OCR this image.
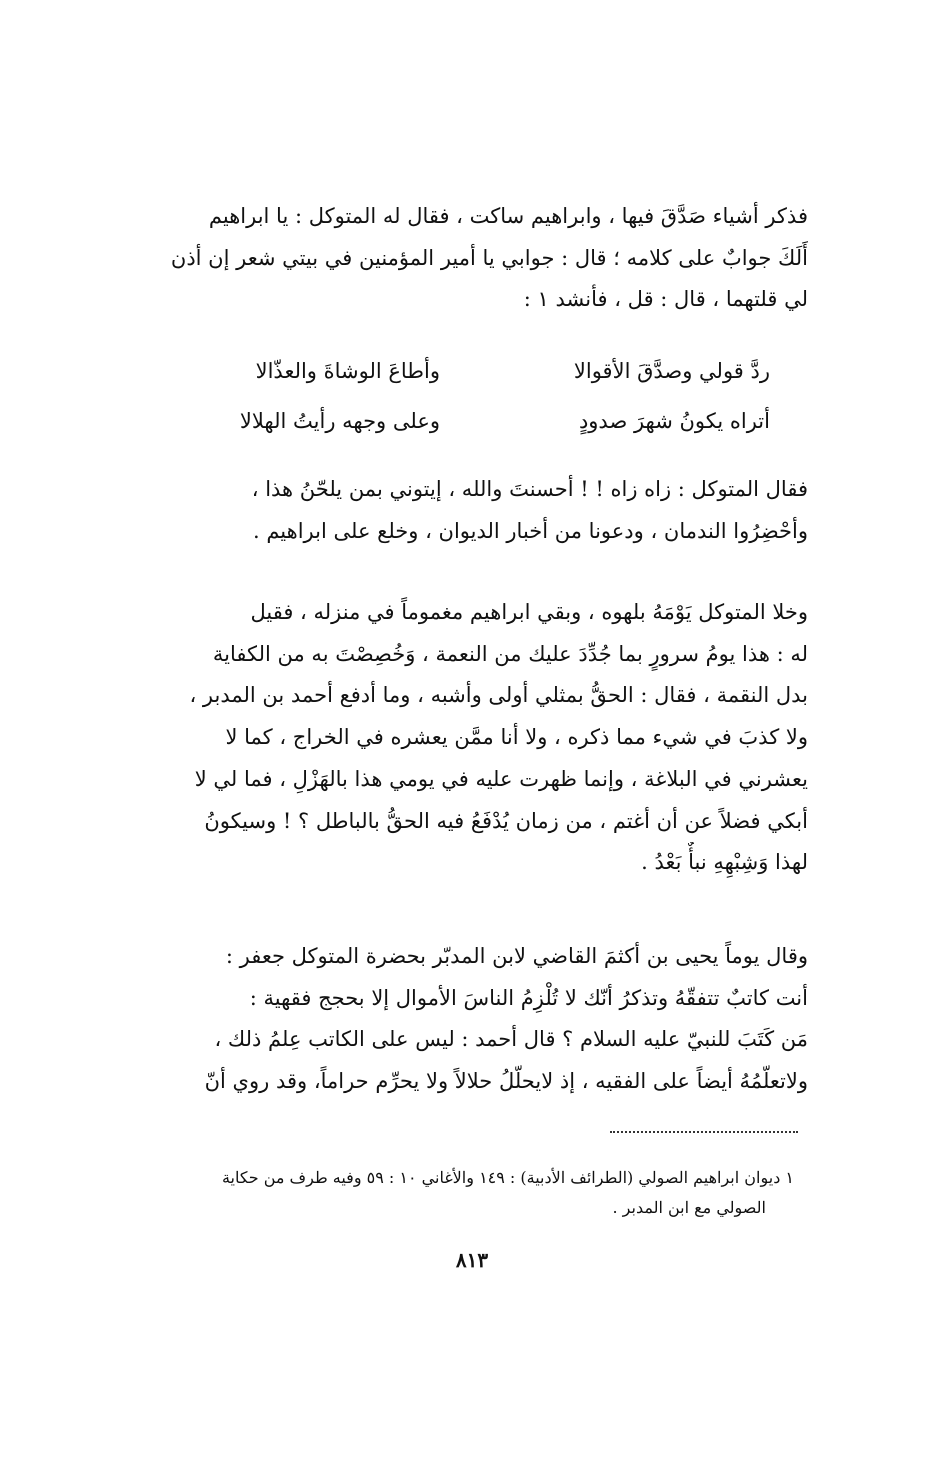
فذكر أشياء صَدَّقَ فيها ، وابراهيم ساكت ، فقال له المتوكل : يا ابراهيم
أَلَكَ جوابٌ على كلامه ؛ قال : جوابي يا أمير المؤمنين في بيتي شعر إن أذن
لي قلتهما ، قال : قل ، فأنشد ١ :
ردَّ قولي وصدَّقَ الأقوالا
وأطاعَ الوشاةَ والعذّالا
أتراه يكونُ شهرَ صدودٍ
وعلى وجهه رأيتُ الهلالا
فقال المتوكل : زاه زاه ! ! أحسنتَ والله ، إيتوني بمن يلحّنُ هذا ،
وأحْضِرُوا الندمان ، ودعونا من أخبار الديوان ، وخلع على ابراهيم .
وخلا المتوكل يَوْمَهُ بلهوه ، وبقي ابراهيم مغموماً في منزله ، فقيل
له : هذا يومُ سرورٍ بما جُدِّدَ عليك من النعمة ، وَخُصِصْتَ به من الكفاية
بدل النقمة ، فقال : الحقُّ بمثلي أولى وأشبه ، وما أدفع أحمد بن المدبر ،
ولا كذبَ في شيء مما ذكره ، ولا أنا ممَّن يعشره في الخراج ، كما لا
يعشرني في البلاغة ، وإنما ظهرت عليه في يومي هذا بالهَزْلِ ، فما لي لا
أبكي فضلاً عن أن أغتم ، من زمان يُدْفَعُ فيه الحقُّ بالباطل ؟ ! وسيكونُ
لهذا وَشِبْهِهِ نبأٌ بَعْدُ .
وقال يوماً يحيى بن أكثمَ القاضي لابن المدبّر بحضرة المتوكل جعفر :
أنت كاتبٌ تتفقّهُ وتذكرُ أنّك لا تُلْزِمُ الناسَ الأموال إلا بحجج فقهية :
مَن كَتَبَ للنبيّ عليه السلام ؟ قال أحمد : ليس على الكاتب عِلمُ ذلك ،
ولاتعلّمُهُ أيضاً على الفقيه ، إذ لايحلّلُ حلالاً ولا يحرِّم حراماً، وقد روي أنّ
١ ديوان ابراهيم الصولي (الطرائف الأدبية) : ١٤٩ والأغاني ١٠ : ٥٩ وفيه طرف من حكاية
الصولي مع ابن المدبر .
٨١٣
